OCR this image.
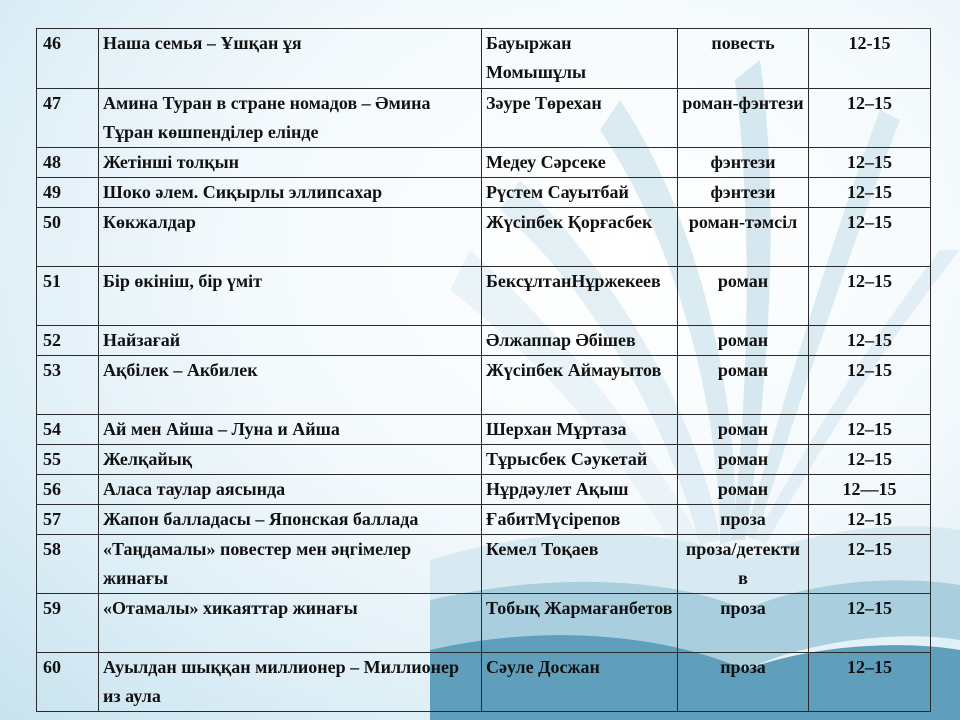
46	Наша семья – Ұшқан ұя	Бауыржан Момышұлы	повесть	12-15
47	Амина Туран в стране номадов – Әмина Тұран көшпенділер елінде	Зәуре Төрехан	роман-фэнтези	12–15
48	Жетінші толқын	Медеу Сәрсеке	фэнтези	12–15
49	Шоко әлем. Сиқырлы эллипсахар	Рүстем Сауытбай	фэнтези	12–15
50	Көкжалдар	Жүсіпбек Қорғасбек	роман-тәмсіл	12–15
51	Бір өкініш, бір үміт	БексұлтанНұржекеев	роман	12–15
52	Найзағай	Әлжаппар Әбішев	роман	12–15
53	Ақбілек – Акбилек	Жүсіпбек Аймауытов	роман	12–15
54	Ай мен Айша – Луна и Айша	Шерхан Мұртаза	роман	12–15
55	Желқайық	Тұрысбек Сәукетай	роман	12–15
56	Алаcа таулар аясында	Нұрдәулет Ақыш	роман	12—15
57	Жапон балладасы – Японская баллада	ҒабитМүсірепов	проза	12–15
58	«Таңдамалы» повестер мен әңгімелер жинағы	Кемел Тоқаев	проза/детектив	12–15
59	«Отамалы» хикаяттар жинағы	Тобық Жармағанбетов	проза	12–15
60	Ауылдан шыққан миллионер – Миллионер из аула	Сәуле Досжан	проза	12–15
